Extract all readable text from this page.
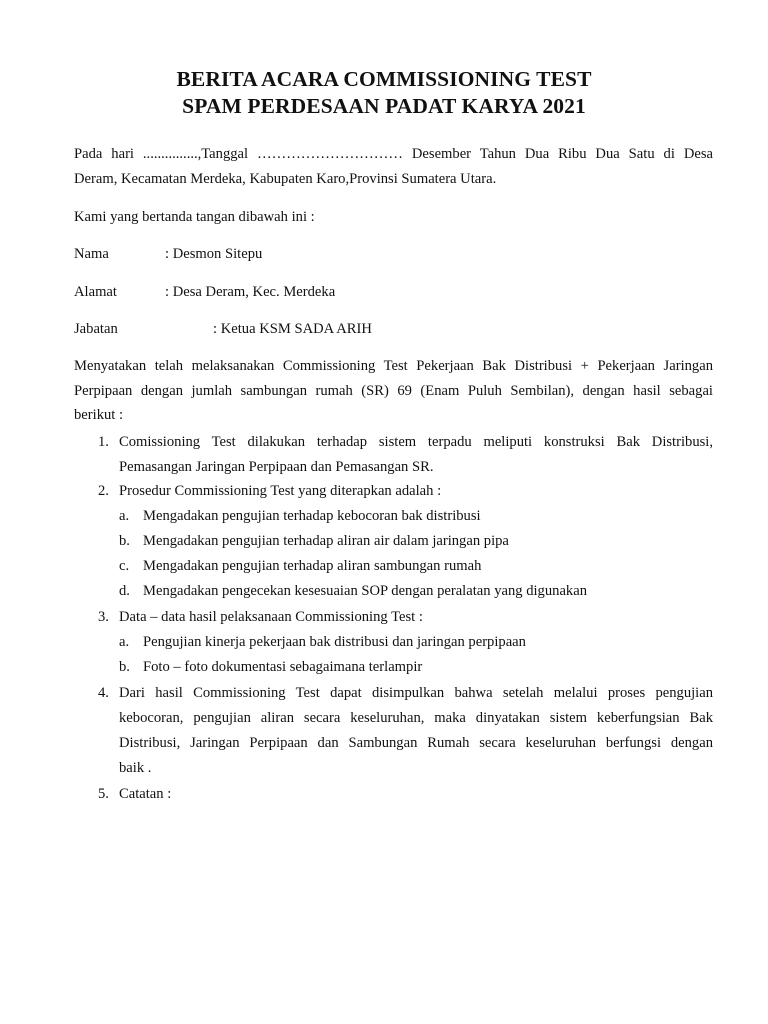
BERITA ACARA COMMISSIONING TEST
SPAM PERDESAAN PADAT KARYA 2021

Pada hari ...............,Tanggal ………………………… Desember Tahun Dua Ribu Dua Satu di Desa

Deram, Kecamatan Merdeka, Kabupaten Karo,Provinsi Sumatera Utara.

Kami yang bertanda tangan dibawah ini :

Nama	: Desmon Sitepu
Alamat	: Desa Deram, Kec. Merdeka
Jabatan	: Ketua KSM SADA ARIH

Menyatakan telah melaksanakan Commissioning Test Pekerjaan Bak Distribusi + Pekerjaan Jaringan

Perpipaan dengan jumlah sambungan rumah (SR) 69 (Enam Puluh Sembilan), dengan hasil sebagai

berikut :

1. Comissioning Test dilakukan terhadap sistem terpadu meliputi konstruksi Bak Distribusi,
Pemasangan Jaringan Perpipaan dan Pemasangan SR.
2. Prosedur Commissioning Test yang diterapkan adalah :
a. Mengadakan pengujian terhadap kebocoran bak distribusi
b. Mengadakan pengujian terhadap aliran air dalam jaringan pipa
c. Mengadakan pengujian terhadap aliran sambungan rumah
d. Mengadakan pengecekan kesesuaian SOP dengan peralatan yang digunakan
3. Data – data hasil pelaksanaan Commissioning Test :
a. Pengujian kinerja pekerjaan bak distribusi dan jaringan perpipaan
b. Foto – foto dokumentasi sebagaimana terlampir
4. Dari hasil Commissioning Test dapat disimpulkan bahwa setelah melalui proses pengujian
kebocoran, pengujian aliran secara keseluruhan, maka dinyatakan sistem keberfungsian Bak
Distribusi, Jaringan Perpipaan dan Sambungan Rumah secara keseluruhan berfungsi dengan
baik .
5. Catatan :
